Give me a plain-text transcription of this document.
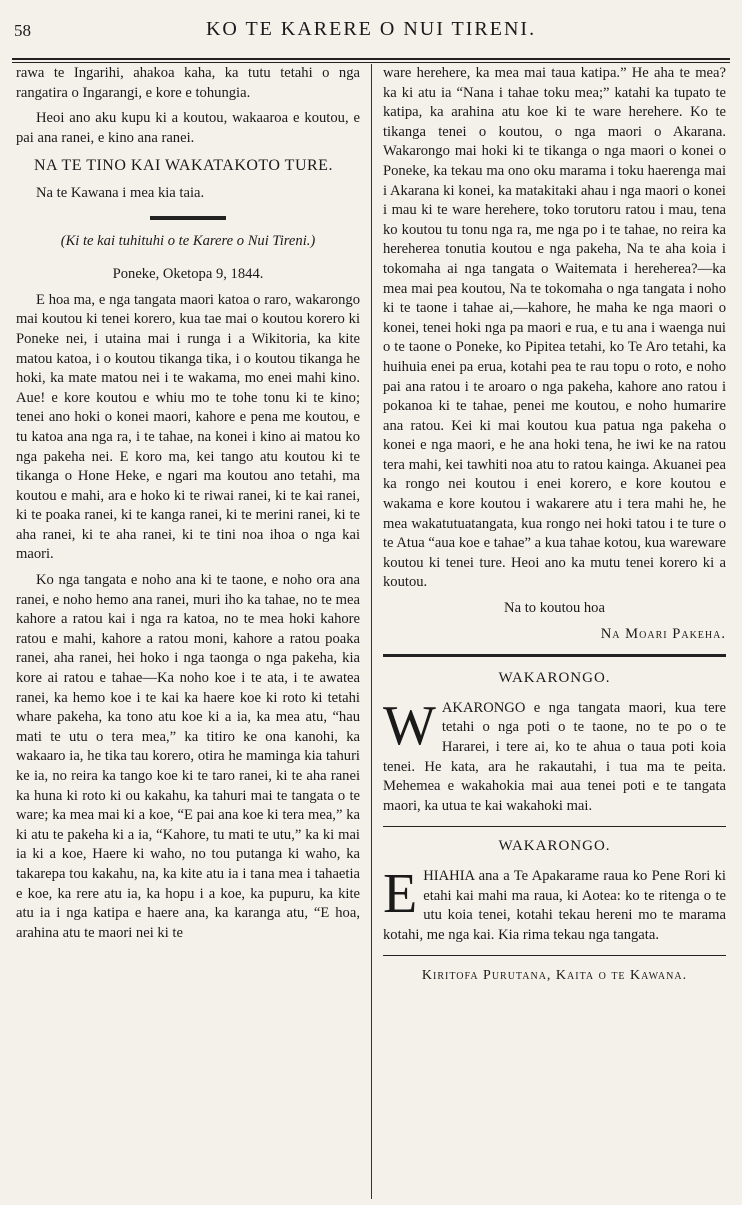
58	KO TE KARERE O NUI TIRENI.

rawa te Ingarihi, ahakoa kaha, ka tutu tetahi o nga rangatira o Ingarangi, e kore e tohungia.

Heoi ano aku kupu ki a koutou, wakaaroa e koutou, e pai ana ranei, e kino ana ranei.

NA TE TINO KAI WAKATAKOTO TURE.

Na te Kawana i mea kia taia.

(Ki te kai tuhituhi o te Karere o Nui Tireni.)

Poneke, Oketopa 9, 1844.

E hoa ma, e nga tangata maori katoa o raro, wakarongo mai koutou ki tenei korero, kua tae mai o koutou korero ki Poneke nei, i utaina mai i runga i a Wikitoria, ka kite matou katoa, i o koutou tikanga tika, i o koutou tikanga he hoki, ka mate matou nei i te wakama, mo enei mahi kino. Aue! e kore koutou e whiu mo te tohe tonu ki te kino; tenei ano hoki o konei maori, kahore e pena me koutou, e tu katoa ana nga ra, i te tahae, na konei i kino ai matou ko nga pakeha nei. E koro ma, kei tango atu koutou ki te tikanga o Hone Heke, e ngari ma koutou ano tetahi, ma koutou e mahi, ara e hoko ki te riwai ranei, ki te kai ranei, ki te poaka ranei, ki te kanga ranei, ki te merini ranei, ki te aha ranei, ki te aha ranei, ki te tini noa ihoa o nga kai maori.

Ko nga tangata e noho ana ki te taone, e noho ora ana ranei, e noho hemo ana ranei, muri iho ka tahae, no te mea kahore a ratou kai i nga ra katoa, no te mea hoki kahore ratou e mahi, kahore a ratou moni, kahore a ratou poaka ranei, aha ranei, hei hoko i nga taonga o nga pakeha, kia kore ai ratou e tahae—Ka noho koe i te ata, i te awatea ranei, ka hemo koe i te kai ka haere koe ki roto ki tetahi whare pakeha, ka tono atu koe ki a ia, ka mea atu, “hau mati te utu o tera mea,” ka titiro ke ona kanohi, ka wakaaro ia, he tika tau korero, otira he maminga kia tahuri ke ia, no reira ka tango koe ki te taro ranei, ki te aha ranei ka huna ki roto ki ou kakahu, ka tahuri mai te tangata o te ware; ka mea mai ki a koe, “E pai ana koe ki tera mea,” ka ki atu te pakeha ki a ia, “Kahore, tu mati te utu,” ka ki mai ia ki a koe, Haere ki waho, no tou putanga ki waho, ka takarepa tou kakahu, na, ka kite atu ia i tana mea i tahaetia e koe, ka rere atu ia, ka hopu i a koe, ka pupuru, ka kite atu ia i nga katipa e haere ana, ka karanga atu, “E hoa, arahina atu te maori nei ki te

ware herehere, ka mea mai taua katipa.” He aha te mea? ka ki atu ia “Nana i tahae toku mea;” katahi ka tupato te katipa, ka arahina atu koe ki te ware herehere. Ko te tikanga tenei o koutou, o nga maori o Akarana. Wakarongo mai hoki ki te tikanga o nga maori o konei o Poneke, ka tekau ma ono oku marama i toku haerenga mai i Akarana ki konei, ka matakitaki ahau i nga maori o konei i mau ki te ware herehere, toko torutoru ratou i mau, tena ko koutou tu tonu nga ra, me nga po i te tahae, no reira ka hereherea tonutia koutou e nga pakeha, Na te aha koia i tokomaha ai nga tangata o Waitemata i hereherea?—ka mea mai pea koutou, Na te tokomaha o nga tangata i noho ki te taone i tahae ai,—kahore, he maha ke nga maori o konei, tenei hoki nga pa maori e rua, e tu ana i waenga nui o te taone o Poneke, ko Pipitea tetahi, ko Te Aro tetahi, ka huihuia enei pa erua, kotahi pea te rau topu o roto, e noho pai ana ratou i te aroaro o nga pakeha, kahore ano ratou i pokanoa ki te tahae, penei me koutou, e noho humarire ana ratou. Kei ki mai koutou kua patua nga pakeha o konei e nga maori, e he ana hoki tena, he iwi ke na ratou tera mahi, kei tawhiti noa atu to ratou kainga. Akuanei pea ka rongo nei koutou i enei korero, e kore koutou e wakama e kore koutou i wakarere atu i tera mahi he, he mea wakatutuatangata, kua rongo nei hoki tatou i te ture o te Atua “aua koe e tahae” a kua tahae kotou, kua wareware koutou ki tenei ture. Heoi ano ka mutu tenei korero ki a koutou.

Na to koutou hoa

Na Moari Pakeha.

WAKARONGO.

WAKARONGO e nga tangata maori, kua tere tetahi o nga poti o te taone, no te po o te Hararei, i tere ai, ko te ahua o taua poti koia tenei. He kata, ara he rakautahi, i tua ma te peita. Mehemea e wakahokia mai aua tenei poti e te tangata maori, ka utua te kai wakahoki mai.

WAKARONGO.

EHIAHIA ana a Te Apakarame raua ko Pene Rori ki etahi kai mahi ma raua, ki Aotea: ko te ritenga o te utu koia tenei, kotahi tekau hereni mo te marama kotahi, me nga kai. Kia rima tekau nga tangata.

Kiritofa Purutana, Kaita o te Kawana.
